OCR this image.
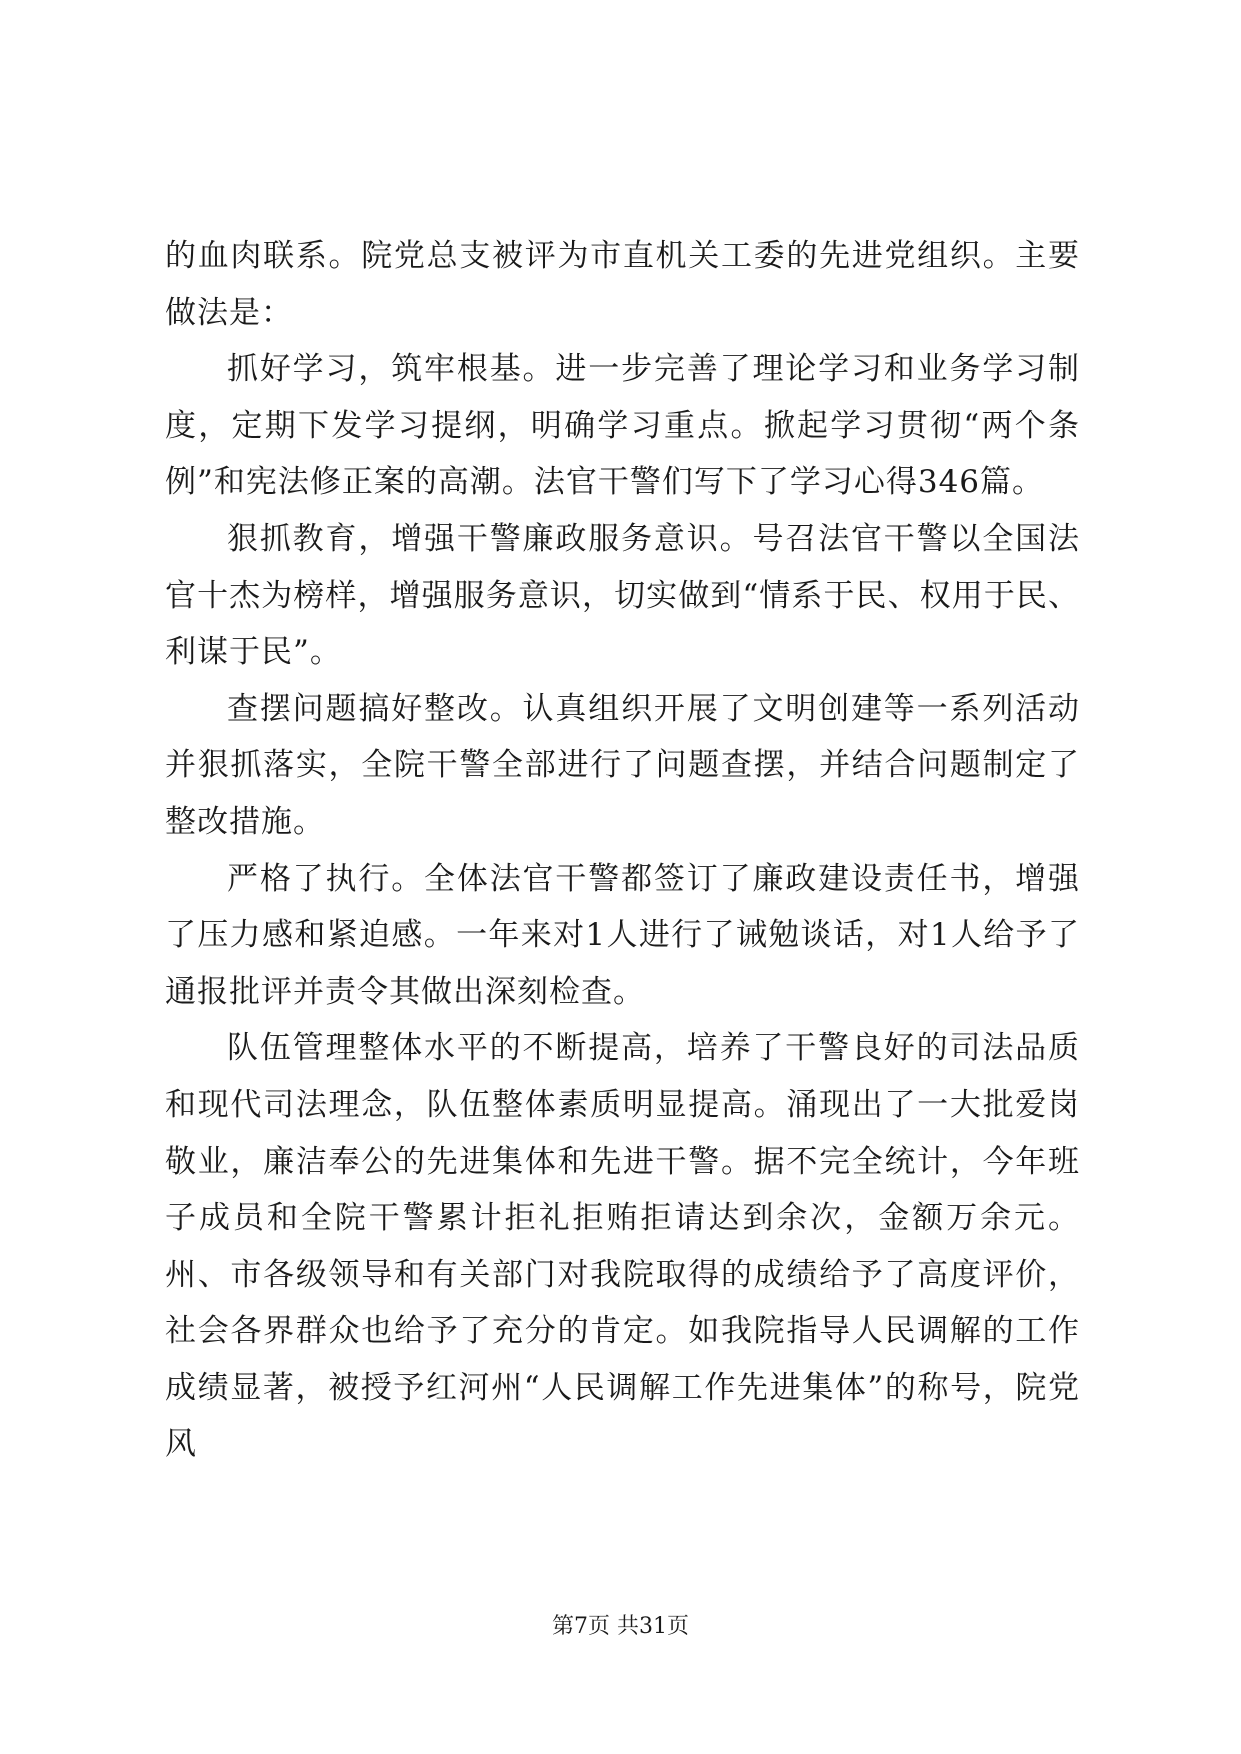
的血肉联系。院党总支被评为市直机关工委的先进党组织。主要做法是：

抓好学习，筑牢根基。进一步完善了理论学习和业务学习制度，定期下发学习提纲，明确学习重点。掀起学习贯彻“两个条例”和宪法修正案的高潮。法官干警们写下了学习心得346篇。

狠抓教育，增强干警廉政服务意识。号召法官干警以全国法官十杰为榜样，增强服务意识，切实做到“情系于民、权用于民、利谋于民”。

查摆问题搞好整改。认真组织开展了文明创建等一系列活动并狠抓落实，全院干警全部进行了问题查摆，并结合问题制定了整改措施。

严格了执行。全体法官干警都签订了廉政建设责任书，增强了压力感和紧迫感。一年来对1人进行了诫勉谈话，对1人给予了通报批评并责令其做出深刻检查。

队伍管理整体水平的不断提高，培养了干警良好的司法品质和现代司法理念，队伍整体素质明显提高。涌现出了一大批爱岗敬业，廉洁奉公的先进集体和先进干警。据不完全统计，今年班子成员和全院干警累计拒礼拒贿拒请达到余次，金额万余元。州、市各级领导和有关部门对我院取得的成绩给予了高度评价，社会各界群众也给予了充分的肯定。如我院指导人民调解的工作成绩显著，被授予红河州“人民调解工作先进集体”的称号，院党风

第7页 共31页
